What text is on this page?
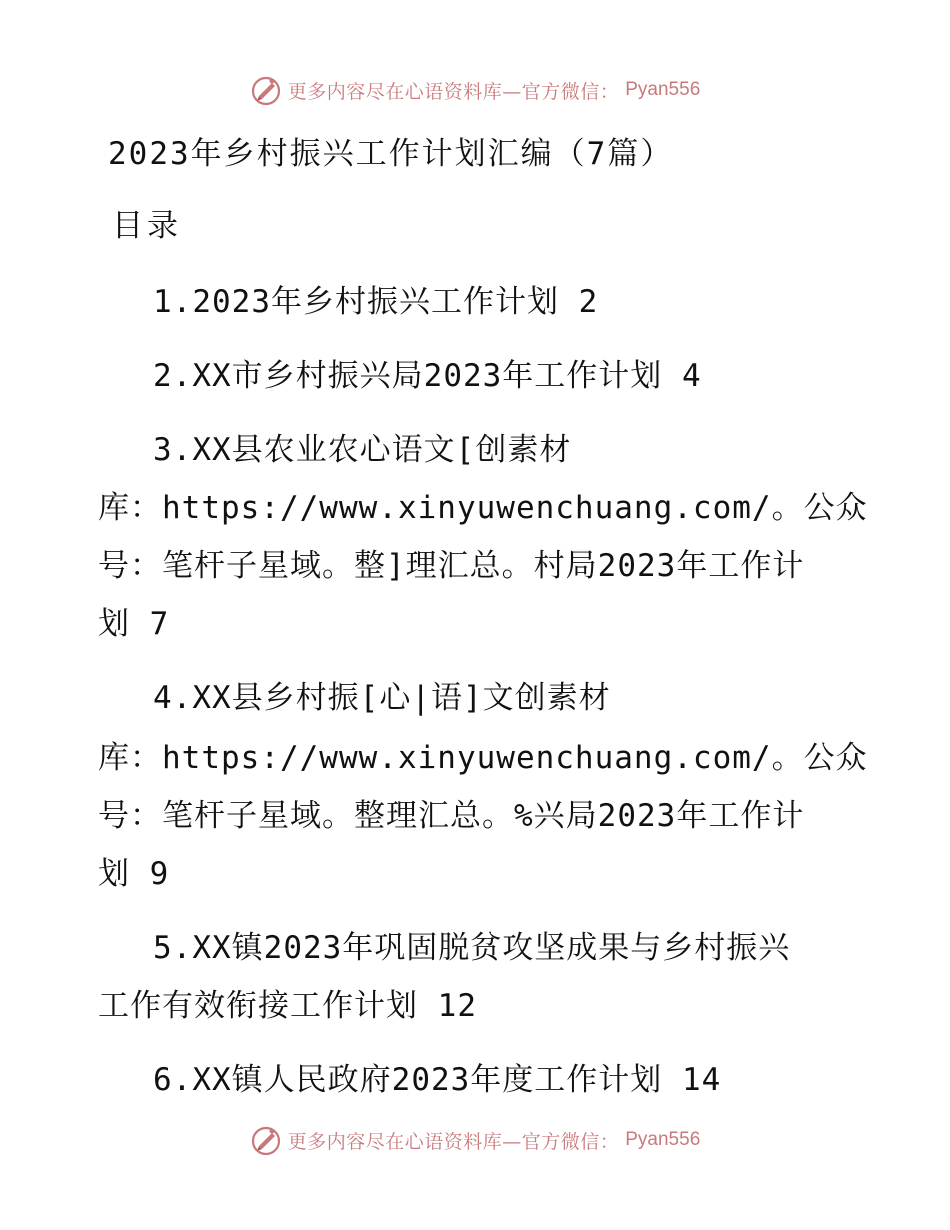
更多内容尽在心语资料库—官方微信： Pyan556
2023年乡村振兴工作计划汇编（7篇）
目录
1.2023年乡村振兴工作计划 2
2.XX市乡村振兴局2023年工作计划 4
3.XX县农业农心语文[创素材
库：https://www.xinyuwenchuang.com/。公众
号：笔杆子星域。整]理汇总。村局2023年工作计
划 7
4.XX县乡村振[心|语]文创素材
库：https://www.xinyuwenchuang.com/。公众
号：笔杆子星域。整理汇总。%兴局2023年工作计
划 9
5.XX镇2023年巩固脱贫攻坚成果与乡村振兴
工作有效衔接工作计划 12
6.XX镇人民政府2023年度工作计划 14
更多内容尽在心语资料库—官方微信： Pyan556
